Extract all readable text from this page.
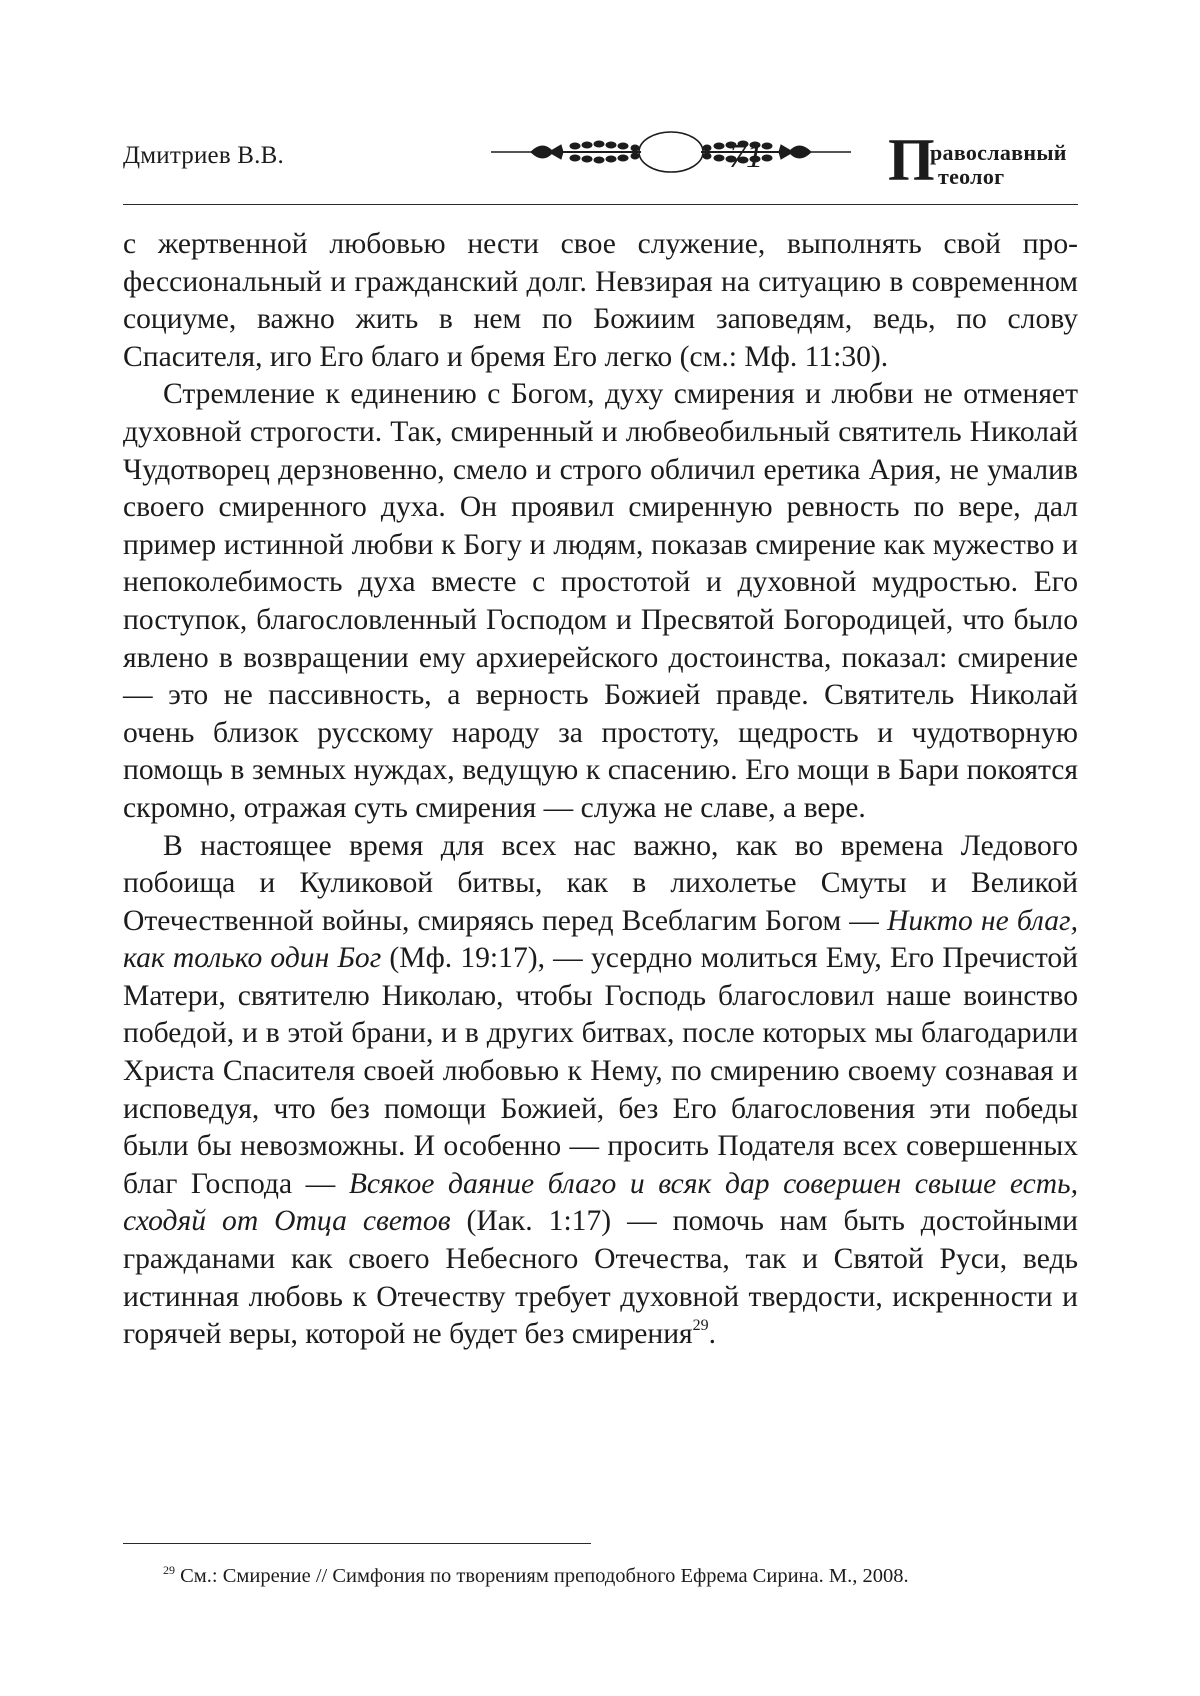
Дмитриев В.В.	71	П
равославный
теолог

с жертвенной любовью нести свое служение, выполнять свой профессиональный и гражданский долг. Невзирая на ситуацию в современном социуме, важно жить в нем по Божиим заповедям, ведь, по слову Спасителя, иго Его благо и бремя Его легко (см.: Мф. 11:30).

Стремление к единению с Богом, духу смирения и любви не отменяет духовной строгости. Так, смиренный и любвеобильный святитель Николай Чудотворец дерзновенно, смело и строго обличил еретика Ария, не умалив своего смиренного духа. Он проявил смиренную ревность по вере, дал пример истинной любви к Богу и людям, показав смирение как мужество и непоколебимость духа вместе с простотой и духовной мудростью. Его поступок, благословленный Господом и Пресвятой Богородицей, что было явлено в возвращении ему архиерейского достоинства, показал: смирение — это не пассивность, а верность Божией правде. Святитель Николай очень близок русскому народу за простоту, щедрость и чудотворную помощь в земных нуждах, ведущую к спасению. Его мощи в Бари покоятся скромно, отражая суть смирения — служа не славе, а вере.

В настоящее время для всех нас важно, как во времена Ледового побоища и Куликовой битвы, как в лихолетье Смуты и Великой Отечественной войны, смиряясь перед Всеблагим Богом — Никто не благ, как только один Бог (Мф. 19:17), — усердно молиться Ему, Его Пречистой Матери, святителю Николаю, чтобы Господь благословил наше воинство победой, и в этой брани, и в других битвах, после которых мы благодарили Христа Спасителя своей любовью к Нему, по смирению своему сознавая и исповедуя, что без помощи Божией, без Его благословения эти победы были бы невозможны. И особенно — просить Подателя всех совершенных благ Господа — Всякое даяние благо и всяк дар совершен свыше есть, сходяй от Отца светов (Иак. 1:17) — помочь нам быть достойными гражданами как своего Небесного Отечества, так и Святой Руси, ведь истинная любовь к Отечеству требует духовной твердости, искренности и горячей веры, которой не будет без смирения$^{29}$.

$^{29}$ См.: Смирение // Симфония по творениям преподобного Ефрема Сирина. М., 2008.
